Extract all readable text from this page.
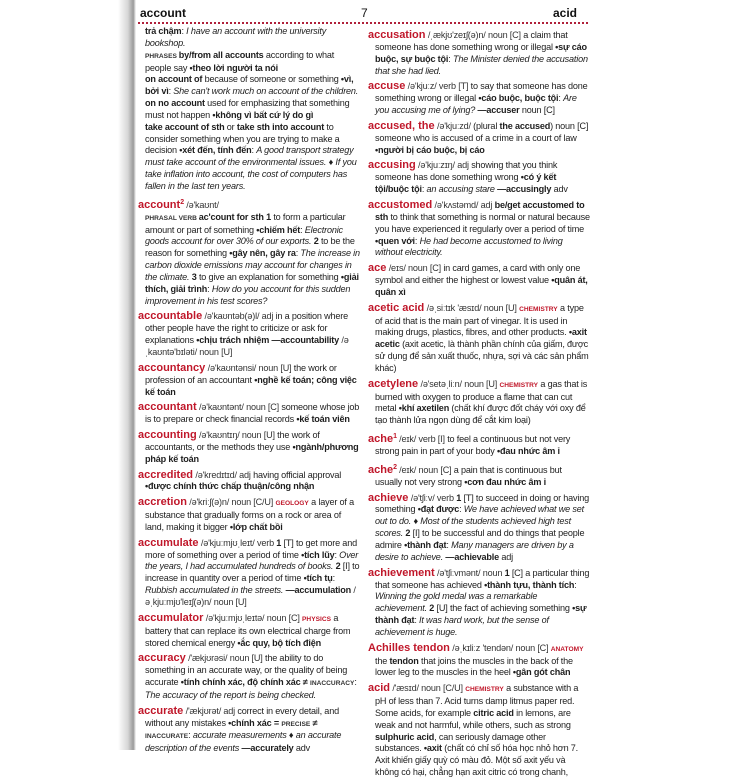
account	7	acid
trả chậm: I have an account with the university bookshop.
PHRASES by/from all accounts according to what people say •theo lời người ta nói
on account of because of someone or something •vì, bởi vì: She can't work much on account of the children.
on no account used for emphasizing that something must not happen •không vì bất cứ lý do gì
take account of sth or take sth into account to consider something when you are trying to make a decision •xét đến, tính đến: A good transport strategy must take account of the environmental issues. ♦ If you take inflation into account, the cost of computers has fallen in the last ten years.
account$^2$ /ə'kaʊnt/
PHRASAL VERB ac'count for sth 1 to form a particular amount or part of something •chiếm hết: Electronic goods account for over 30% of our exports. 2 to be the reason for something •gây nên, gây ra: The increase in carbon dioxide emissions may account for changes in the climate. 3 to give an explanation for something •giải thích, giải trình: How do you account for this sudden improvement in his test scores?
accountable /ə'kaʊntəb(ə)l/ adj in a position where other people have the right to criticize or ask for explanations •chịu trách nhiệm —accountability /əˌkaʊntə'bɪləti/ noun [U]
accountancy /ə'kaʊntənsi/ noun [U] the work or profession of an accountant •nghề kế toán; công việc kế toán
accountant /ə'kaʊntənt/ noun [C] someone whose job is to prepare or check financial records •kế toán viên
accounting /ə'kaʊntɪŋ/ noun [U] the work of accountants, or the methods they use •ngành/phương pháp kế toán
accredited /ə'kredɪtɪd/ adj having official approval •được chính thức chấp thuận/công nhận
accretion /ə'kriːʃ(ə)n/ noun [C/U] GEOLOGY a layer of a substance that gradually forms on a rock or area of land, making it bigger •lớp chất bồi
accumulate /ə'kjuːmjʊˌleɪt/ verb 1 [T] to get more and more of something over a period of time •tích lũy: Over the years, I had accumulated hundreds of books. 2 [I] to increase in quantity over a period of time •tích tụ: Rubbish accumulated in the streets. —accumulation /əˌkjuːmjʊ'leɪʃ(ə)n/ noun [U]
accumulator /ə'kjuːmjʊˌleɪtə/ noun [C] PHYSICS a battery that can replace its own electrical charge from stored chemical energy •ắc quy, bộ tích điện
accuracy /'ækjʊrəsi/ noun [U] the ability to do something in an accurate way, or the quality of being accurate •tính chính xác, độ chính xác ≠ INACCURACY: The accuracy of the report is being checked.
accurate /'ækjʊrət/ adj correct in every detail, and without any mistakes •chính xác = PRECISE ≠ INACCURATE: accurate measurements ♦ an accurate description of the events —accurately adv
accusation /ˌækjʊ'zeɪʃ(ə)n/ noun [C] a claim that someone has done something wrong or illegal •sự cáo buộc, sự buộc tội: The Minister denied the accusation that she had lied.
accuse /ə'kjuːz/ verb [T] to say that someone has done something wrong or illegal •cáo buộc, buộc tội: Are you accusing me of lying? —accuser noun [C]
accused, the /ə'kjuːzd/ (plural the accused) noun [C] someone who is accused of a crime in a court of law •người bị cáo buộc, bị cáo
accusing /ə'kjuːzɪŋ/ adj showing that you think someone has done something wrong •có ý kết tội/buộc tội: an accusing stare —accusingly adv
accustomed /ə'kʌstəmd/ adj be/get accustomed to sth to think that something is normal or natural because you have experienced it regularly over a period of time •quen với: He had become accustomed to living without electricity.
ace /eɪs/ noun [C] in card games, a card with only one symbol and either the highest or lowest value •quân át, quân xì
acetic acid /əˌsiːtɪk 'æsɪd/ noun [U] CHEMISTRY a type of acid that is the main part of vinegar. It is used in making drugs, plastics, fibres, and other products. •axit acetic (axit acetic, là thành phần chính của giấm, được sử dụng để sản xuất thuốc, nhựa, sợi và các sản phẩm khác)
acetylene /ə'setəˌliːn/ noun [U] CHEMISTRY a gas that is burned with oxygen to produce a flame that can cut metal •khí axetilen (chất khí được đốt cháy với oxy để tạo thành lửa ngọn dùng để cắt kim loại)
ache$^1$ /eɪk/ verb [I] to feel a continuous but not very strong pain in part of your body •đau nhức âm ỉ
ache$^2$ /eɪk/ noun [C] a pain that is continuous but usually not very strong •cơn đau nhức âm ỉ
achieve /ə'tʃiːv/ verb 1 [T] to succeed in doing or having something •đạt được: We have achieved what we set out to do. ♦ Most of the students achieved high test scores. 2 [I] to be successful and do things that people admire •thành đạt: Many managers are driven by a desire to achieve. —achievable adj
achievement /ə'tʃiːvmənt/ noun 1 [C] a particular thing that someone has achieved •thành tựu, thành tích: Winning the gold medal was a remarkable achievement. 2 [U] the fact of achieving something •sự thành đạt: It was hard work, but the sense of achievement is huge.
Achilles tendon /əˌkɪliːz 'tendən/ noun [C] ANATOMY the tendon that joins the muscles in the back of the lower leg to the muscles in the heel •gân gót chân
acid /'æsɪd/ noun [C/U] CHEMISTRY a substance with a pH of less than 7. Acid turns damp litmus paper red. Some acids, for example citric acid in lemons, are weak and not harmful, while others, such as strong sulphuric acid, can seriously damage other substances. •axit (chất có chỉ số hóa học nhỏ hơn 7. Axit khiến giấy quỳ có màu đỏ. Một số axit yếu và không có hại, chẳng hạn axit citric có trong chanh,
